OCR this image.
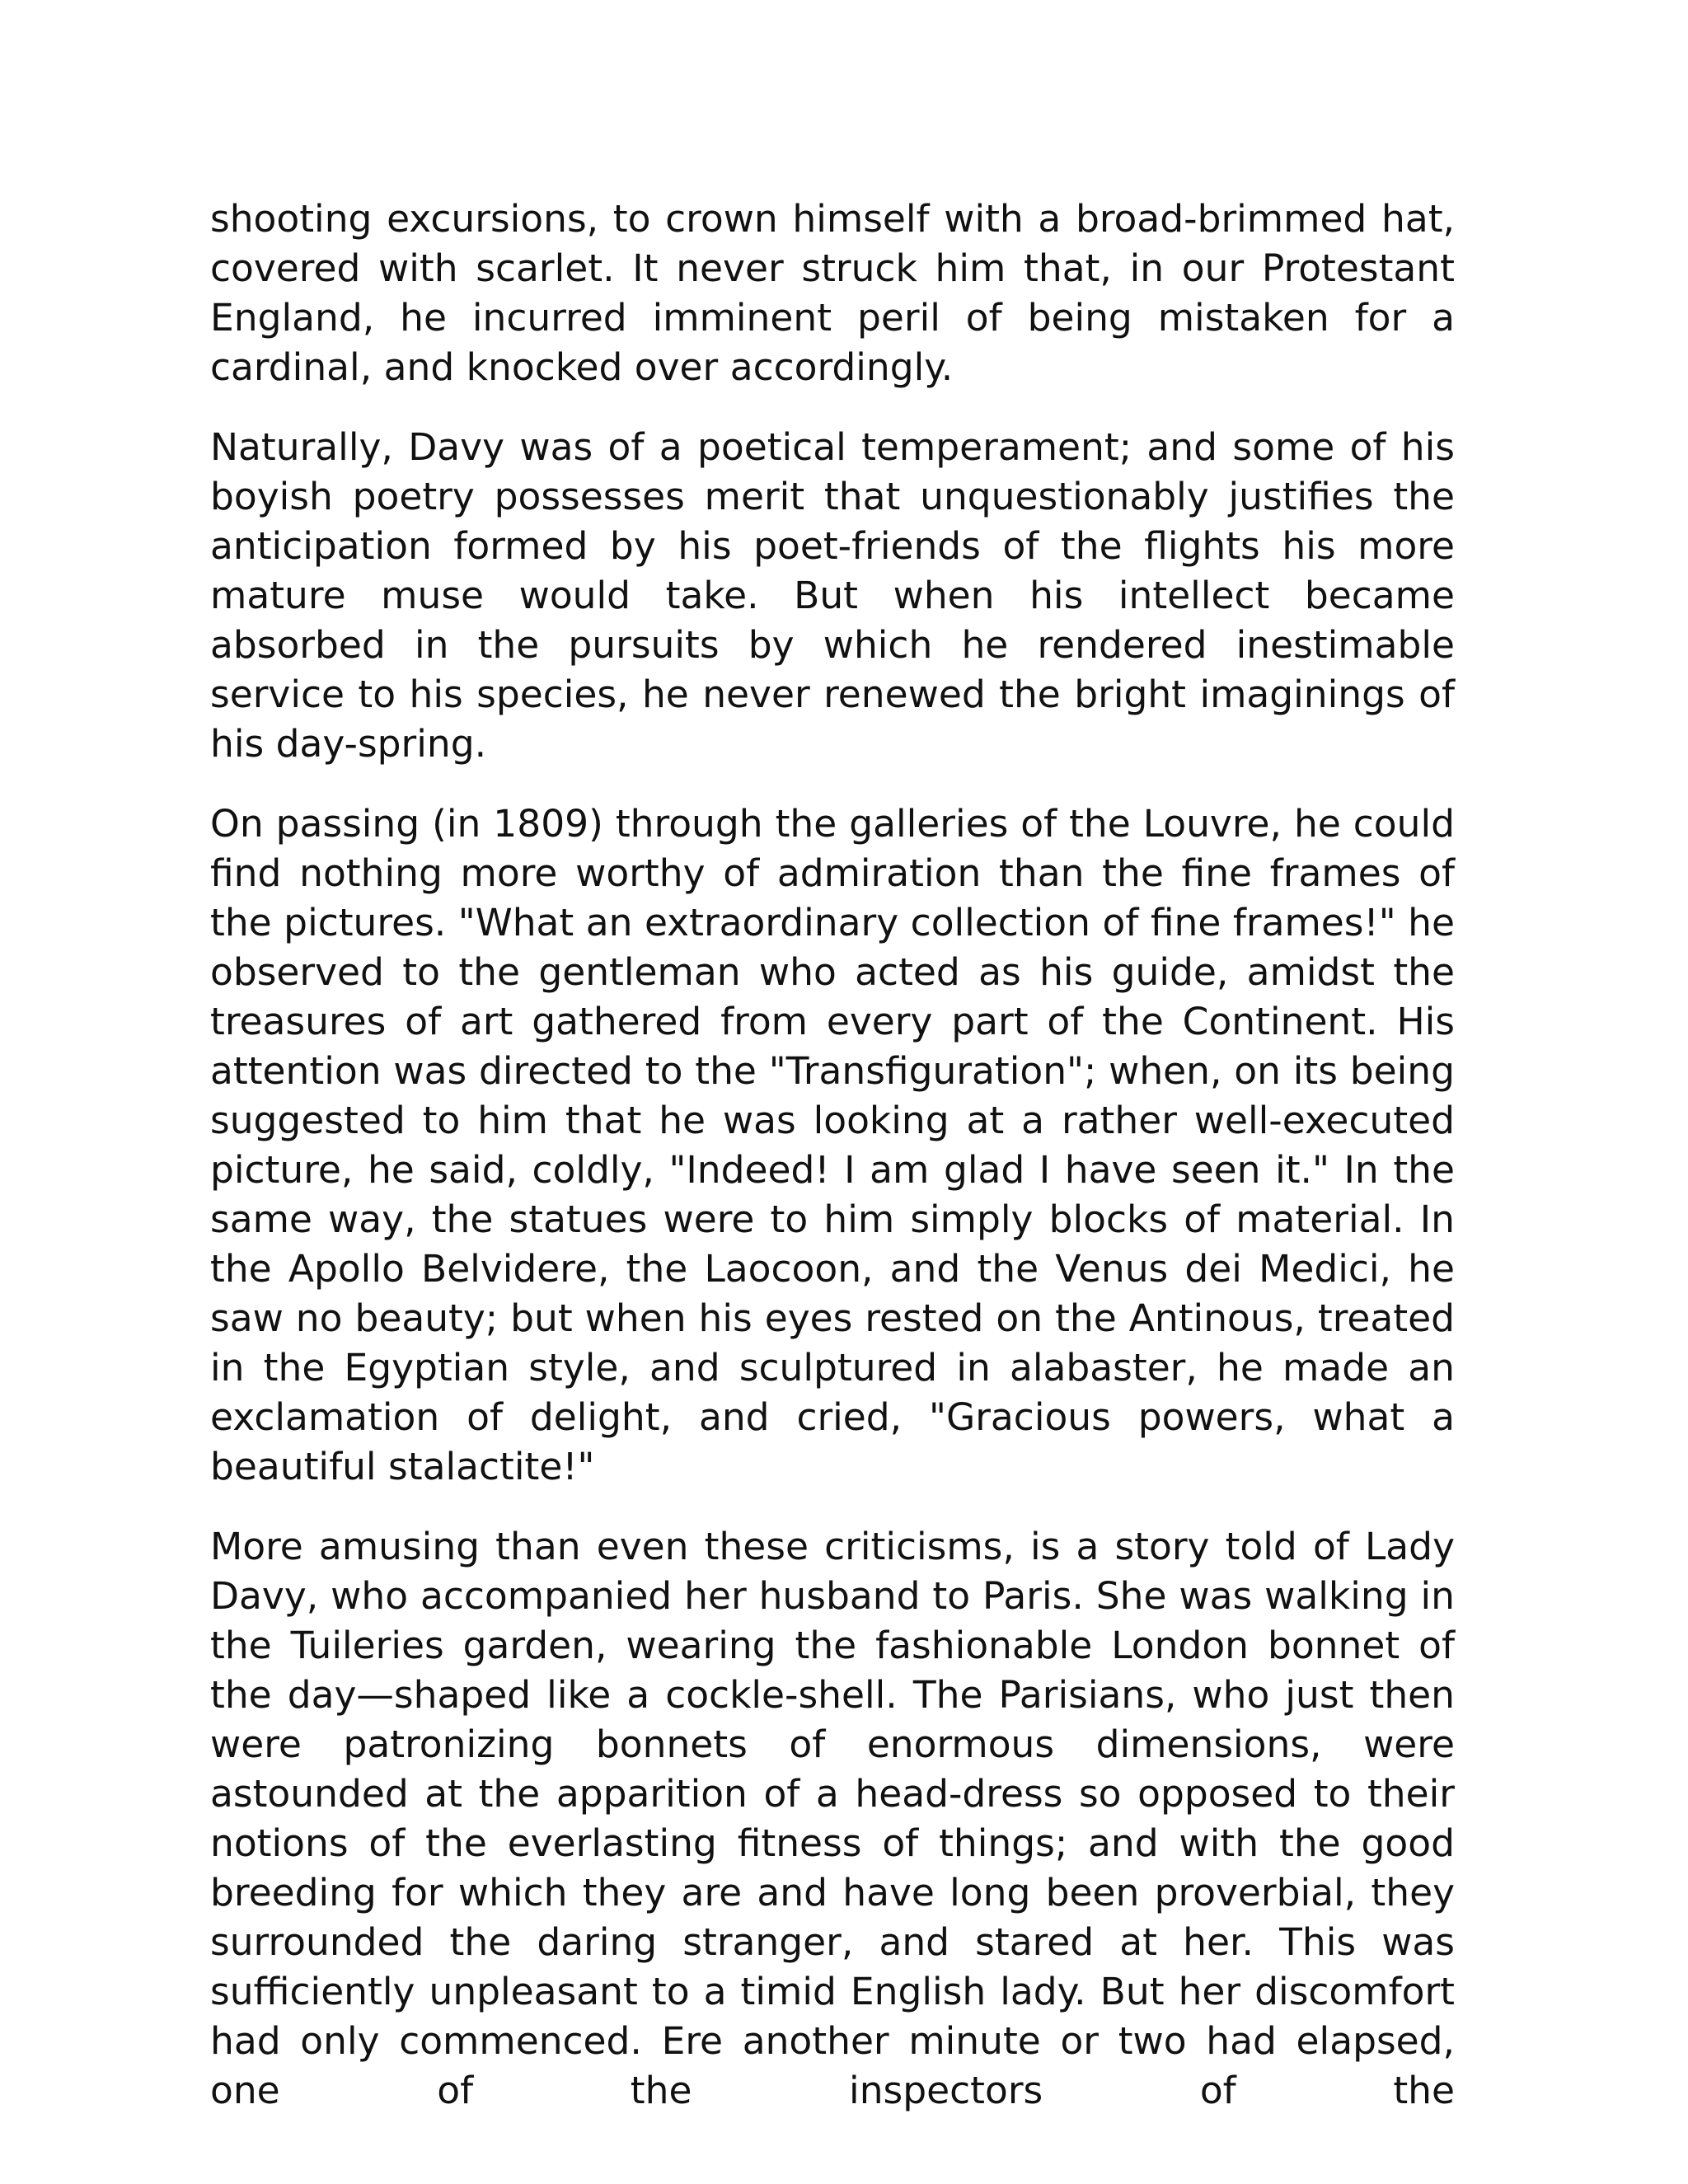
shooting excursions, to crown himself with a broad-brimmed hat, covered with scarlet. It never struck him that, in our Protestant England, he incurred imminent peril of being mistaken for a cardinal, and knocked over accordingly.

Naturally, Davy was of a poetical temperament; and some of his boyish poetry possesses merit that unquestionably justifies the anticipation formed by his poet-friends of the flights his more mature muse would take. But when his intellect became absorbed in the pursuits by which he rendered inestimable service to his species, he never renewed the bright imaginings of his day-spring.

On passing (in 1809) through the galleries of the Louvre, he could find nothing more worthy of admiration than the fine frames of the pictures. "What an extraordinary collection of fine frames!" he observed to the gentleman who acted as his guide, amidst the treasures of art gathered from every part of the Continent. His attention was directed to the "Transfiguration"; when, on its being suggested to him that he was looking at a rather well-executed picture, he said, coldly, "Indeed! I am glad I have seen it." In the same way, the statues were to him simply blocks of material. In the Apollo Belvidere, the Laocoon, and the Venus dei Medici, he saw no beauty; but when his eyes rested on the Antinous, treated in the Egyptian style, and sculptured in alabaster, he made an exclamation of delight, and cried, "Gracious powers, what a beautiful stalactite!"

More amusing than even these criticisms, is a story told of Lady Davy, who accompanied her husband to Paris. She was walking in the Tuileries garden, wearing the fashionable London bonnet of the day—shaped like a cockle-shell. The Parisians, who just then were patronizing bonnets of enormous dimensions, were astounded at the apparition of a head-dress so opposed to their notions of the everlasting fitness of things; and with the good breeding for which they are and have long been proverbial, they surrounded the daring stranger, and stared at her. This was sufficiently unpleasant to a timid English lady. But her discomfort had only commenced. Ere another minute or two had elapsed, one of the inspectors of the
